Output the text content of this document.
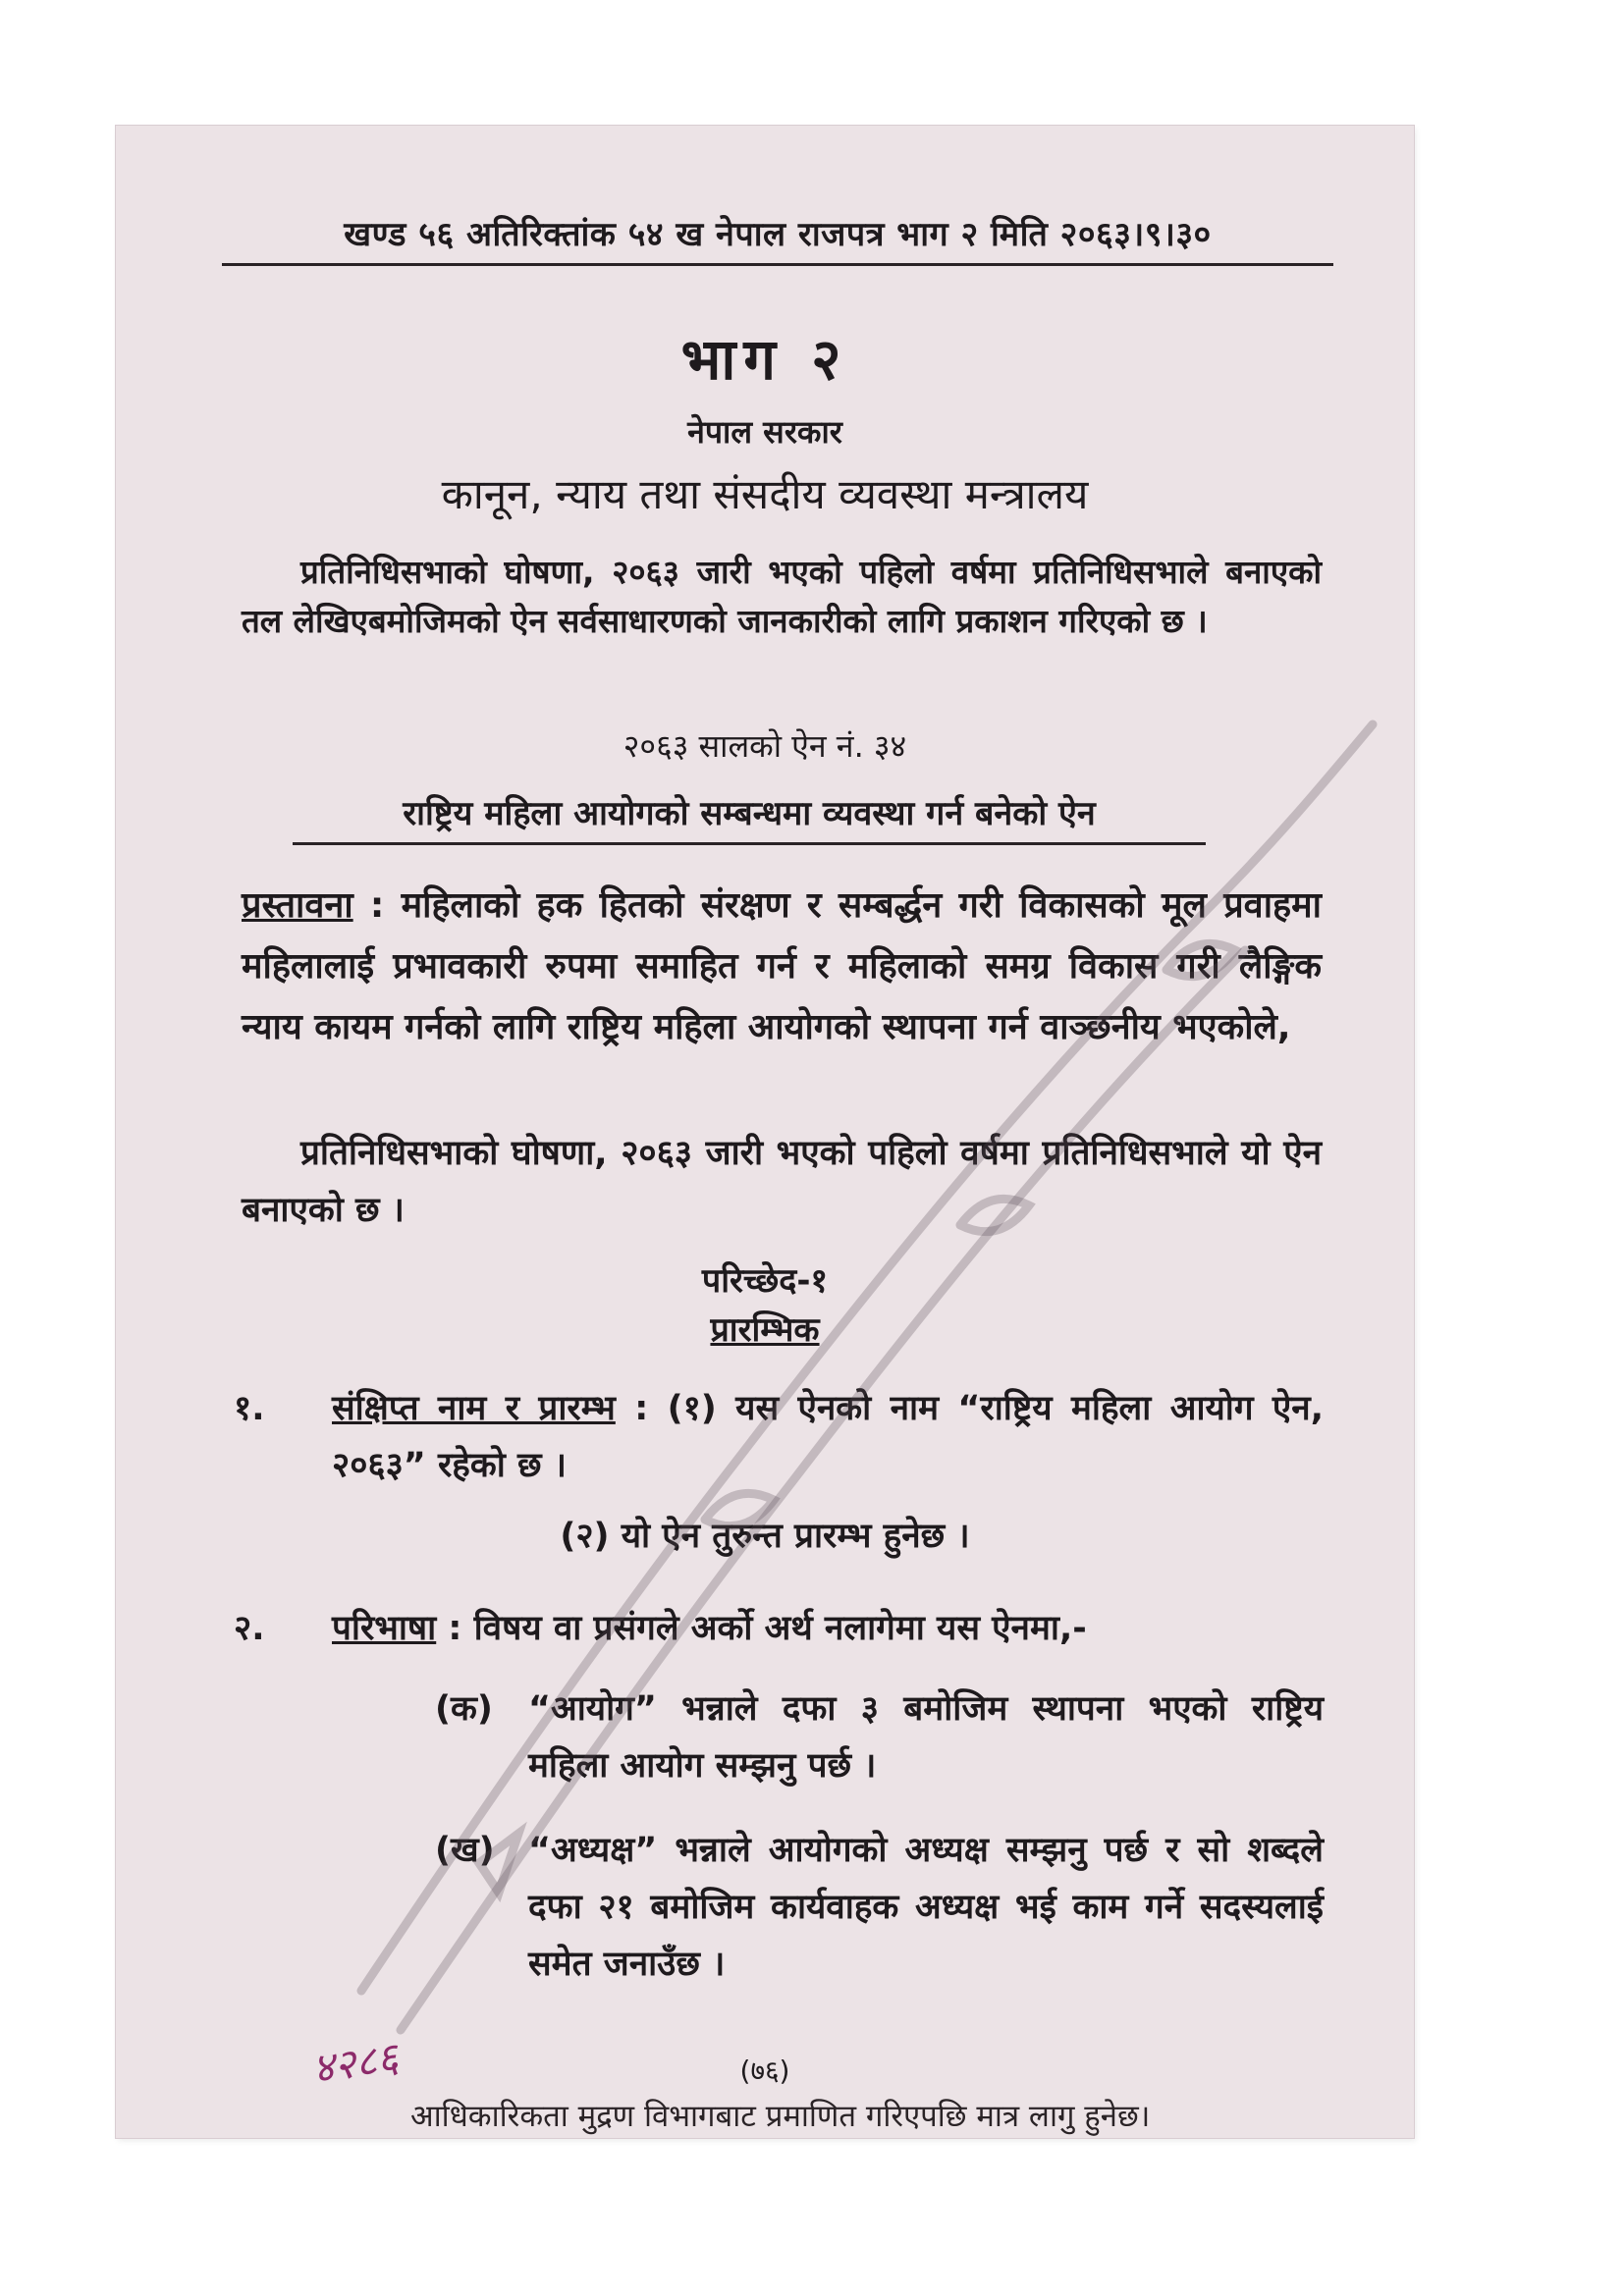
खण्ड ५६ अतिरिक्तांक ५४ ख नेपाल राजपत्र भाग २ मिति २०६३।९।३०
भाग २
नेपाल सरकार
कानून, न्याय तथा संसदीय व्यवस्था मन्त्रालय
प्रतिनिधिसभाको घोषणा, २०६३ जारी भएको पहिलो वर्षमा प्रतिनिधिसभाले बनाएको तल लेखिएबमोजिमको ऐन सर्वसाधारणको जानकारीको लागि प्रकाशन गरिएको छ ।
२०६३ सालको ऐन नं. ३४
राष्ट्रिय महिला आयोगको सम्बन्धमा व्यवस्था गर्न बनेको ऐन
प्रस्तावना : महिलाको हक हितको संरक्षण र सम्बर्द्धन गरी विकासको मूल प्रवाहमा महिलालाई प्रभावकारी रुपमा समाहित गर्न र महिलाको समग्र विकास गरी लैङ्गिक न्याय कायम गर्नको लागि राष्ट्रिय महिला आयोगको स्थापना गर्न वाञ्छनीय भएकोले,
प्रतिनिधिसभाको घोषणा, २०६३ जारी भएको पहिलो वर्षमा प्रतिनिधिसभाले यो ऐन बनाएको छ ।
परिच्छेद-१
प्रारम्भिक
१.	संक्षिप्त नाम र प्रारम्भ : (१) यस ऐनको नाम “राष्ट्रिय महिला आयोग ऐन, २०६३” रहेको छ ।
(२) यो ऐन तुरुन्त प्रारम्भ हुनेछ ।
२.	परिभाषा : विषय वा प्रसंगले अर्को अर्थ नलागेमा यस ऐनमा,-
(क)	“आयोग” भन्नाले दफा ३ बमोजिम स्थापना भएको राष्ट्रिय महिला आयोग सम्झनु पर्छ ।
(ख) “अध्यक्ष” भन्नाले आयोगको अध्यक्ष सम्झनु पर्छ र सो शब्दले दफा २१ बमोजिम कार्यवाहक अध्यक्ष भई काम गर्ने सदस्यलाई समेत जनाउँछ ।
४२८६	(७६)
आधिकारिकता मुद्रण विभागबाट प्रमाणित गरिएपछि मात्र लागु हुनेछ।
